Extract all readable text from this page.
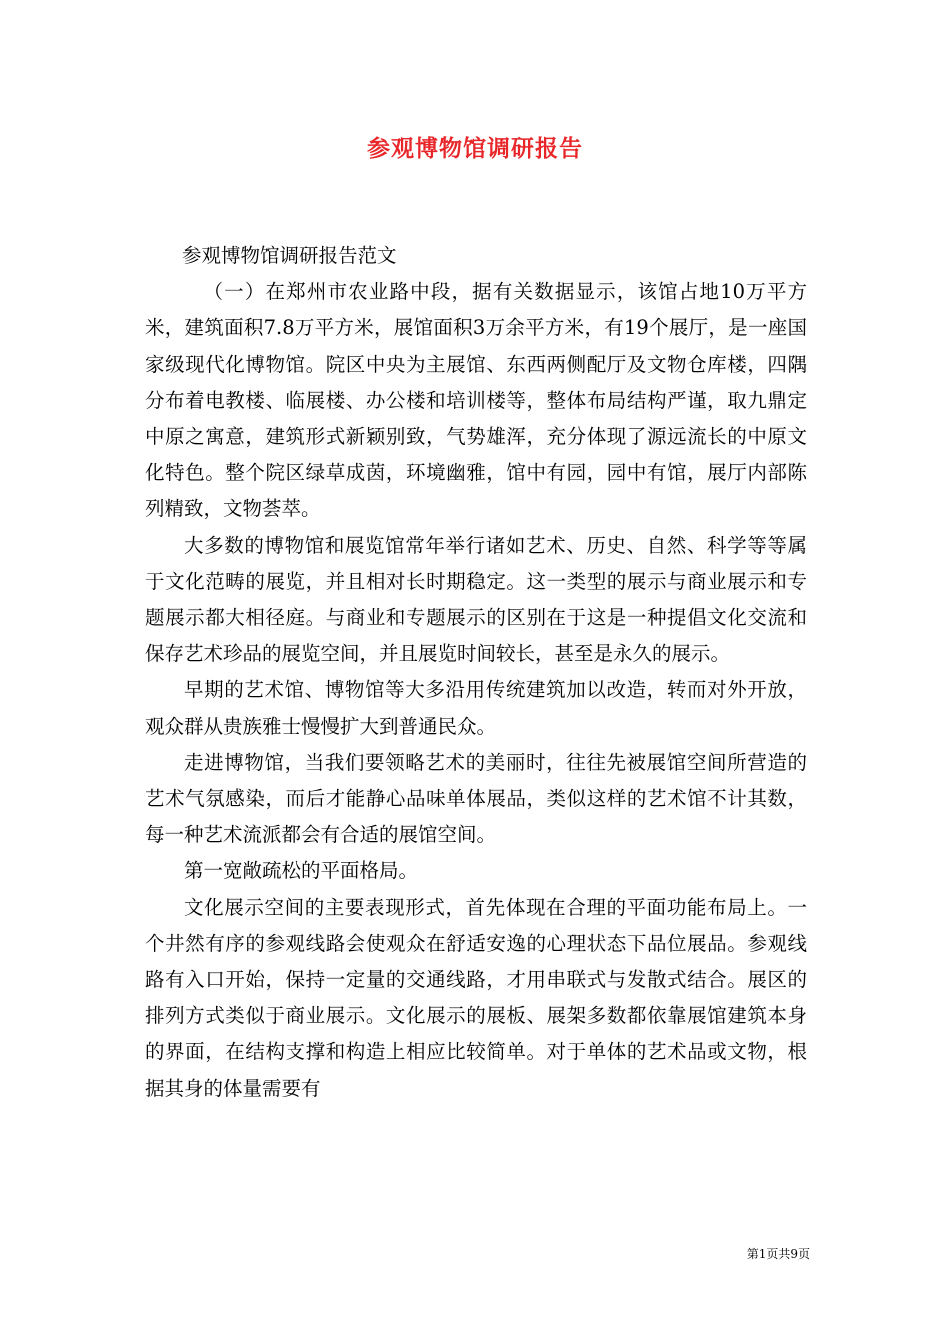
参观博物馆调研报告

参观博物馆调研报告范文

（一）在郑州市农业路中段，据有关数据显示，该馆占地10万平方米，建筑面积7.8万平方米，展馆面积3万余平方米，有19个展厅，是一座国家级现代化博物馆。院区中央为主展馆、东西两侧配厅及文物仓库楼，四隅分布着电教楼、临展楼、办公楼和培训楼等，整体布局结构严谨，取九鼎定中原之寓意，建筑形式新颖别致，气势雄浑，充分体现了源远流长的中原文化特色。整个院区绿草成茵，环境幽雅，馆中有园，园中有馆，展厅内部陈列精致，文物荟萃。

大多数的博物馆和展览馆常年举行诸如艺术、历史、自然、科学等等属于文化范畴的展览，并且相对长时期稳定。这一类型的展示与商业展示和专题展示都大相径庭。与商业和专题展示的区别在于这是一种提倡文化交流和保存艺术珍品的展览空间，并且展览时间较长，甚至是永久的展示。

早期的艺术馆、博物馆等大多沿用传统建筑加以改造，转而对外开放，观众群从贵族雅士慢慢扩大到普通民众。

走进博物馆，当我们要领略艺术的美丽时，往往先被展馆空间所营造的艺术气氛感染，而后才能静心品味单体展品，类似这样的艺术馆不计其数，每一种艺术流派都会有合适的展馆空间。

第一宽敞疏松的平面格局。

文化展示空间的主要表现形式，首先体现在合理的平面功能布局上。一个井然有序的参观线路会使观众在舒适安逸的心理状态下品位展品。参观线路有入口开始，保持一定量的交通线路，才用串联式与发散式结合。展区的排列方式类似于商业展示。文化展示的展板、展架多数都依靠展馆建筑本身的界面，在结构支撑和构造上相应比较简单。对于单体的艺术品或文物，根据其身的体量需要有

第1页共9页
